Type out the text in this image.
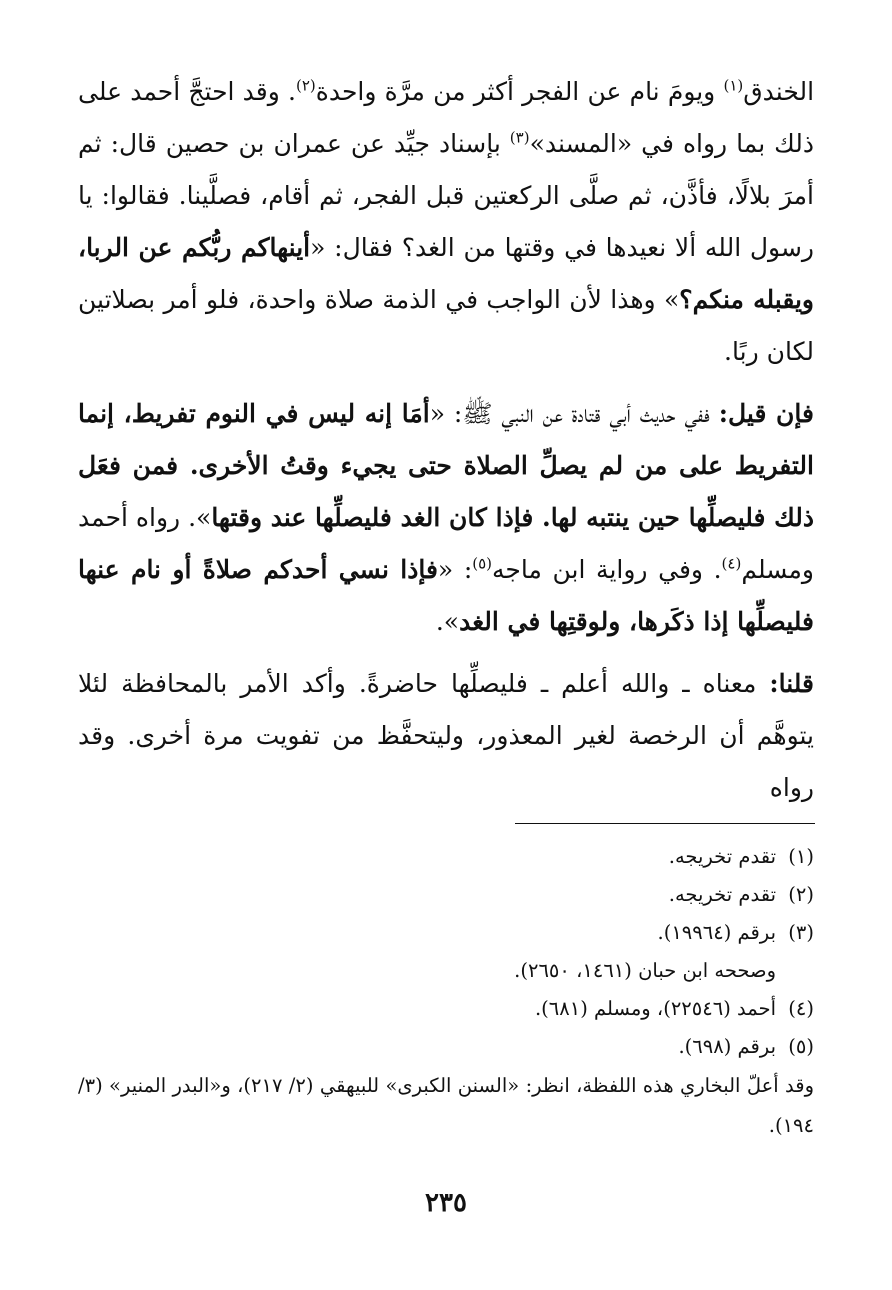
الخندق$^{(١)}$ ويومَ نام عن الفجر أكثر من مرَّة واحدة$^{(٢)}$. وقد احتجَّ أحمد على ذلك بما رواه في «المسند»$^{(٣)}$ بإسناد جيِّد عن عمران بن حصين قال: ثم أمرَ بلالًا، فأذَّن، ثم صلَّى الركعتين قبل الفجر، ثم أقام، فصلَّينا. فقالوا: يا رسول الله ألا نعيدها في وقتها من الغد؟ فقال: «أينهاكم ربُّكم عن الربا، ويقبله منكم؟» وهذا لأن الواجب في الذمة صلاة واحدة، فلو أمر بصلاتين لكان ربًا.

فإن قيل: ففي حديث أبي قتادة عن النبي ﷺ: «أمَا إنه ليس في النوم تفريط، إنما التفريط على من لم يصلِّ الصلاة حتى يجيء وقتُ الأخرى. فمن فعَل ذلك فليصلِّها حين ينتبه لها. فإذا كان الغد فليصلِّها عند وقتها». رواه أحمد ومسلم$^{(٤)}$. وفي رواية ابن ماجه$^{(٥)}$: «فإذا نسي أحدكم صلاةً أو نام عنها فليصلِّها إذا ذكَرها، ولوقتِها في الغد».

قلنا: معناه ـ والله أعلم ـ فليصلِّها حاضرةً. وأكد الأمر بالمحافظة لئلا يتوهَّم أن الرخصة لغير المعذور، وليتحفَّظ من تفويت مرة أخرى. وقد رواه

(١)تقدم تخريجه.

(٢)تقدم تخريجه.

(٣)برقم (١٩٩٦٤).

وصححه ابن حبان (١٤٦١، ٢٦٥٠).

(٤)أحمد (٢٢٥٤٦)، ومسلم (٦٨١).

(٥)برقم (٦٩٨).

وقد أعلّ البخاري هذه اللفظة، انظر: «السنن الكبرى» للبيهقي (٢/ ٢١٧)، و«البدر المنير» (٣/ ١٩٤).

٢٣٥
